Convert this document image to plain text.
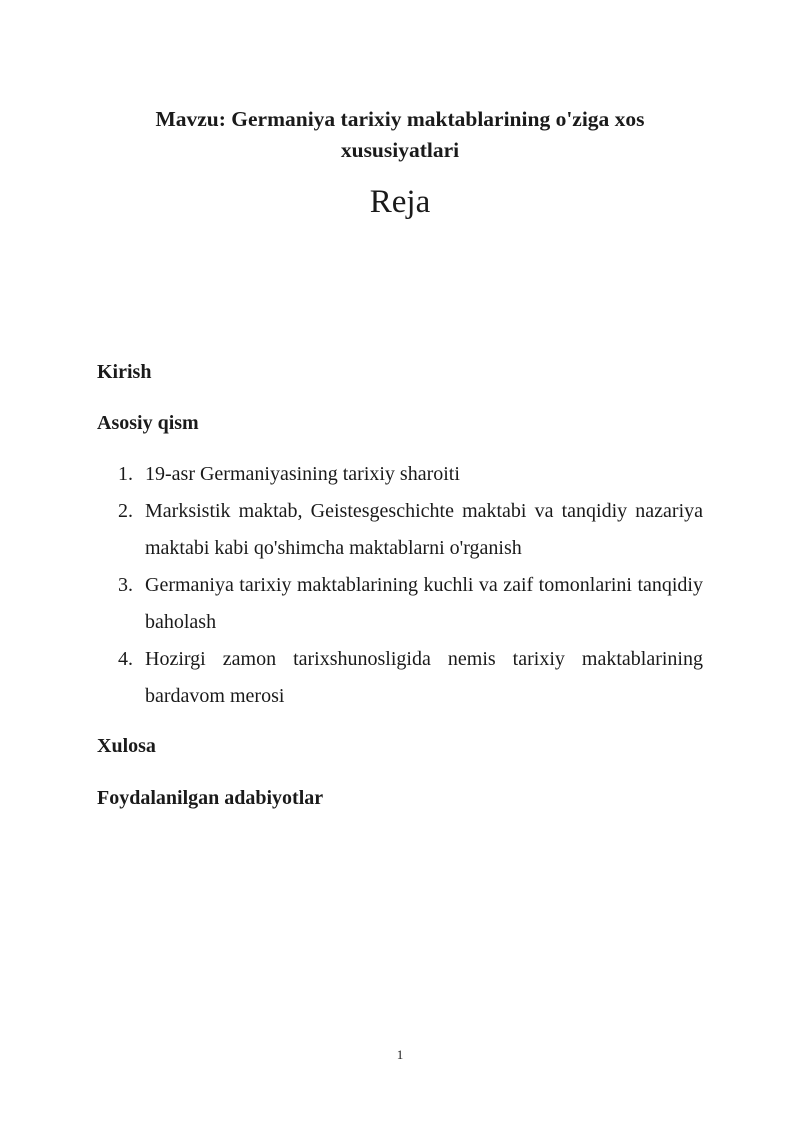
Mavzu: Germaniya tarixiy maktablarining o'ziga xos xususiyatlari
Reja

Kirish

Asosiy qism

1. 19-asr Germaniyasining tarixiy sharoiti
2. Marksistik maktab, Geistesgeschichte maktabi va tanqidiy nazariya maktabi kabi qo'shimcha maktablarni o'rganish
3. Germaniya tarixiy maktablarining kuchli va zaif tomonlarini tanqidiy baholash
4. Hozirgi zamon tarixshunosligida nemis tarixiy maktablarining bardavom merosi

Xulosa

Foydalanilgan adabiyotlar

1
